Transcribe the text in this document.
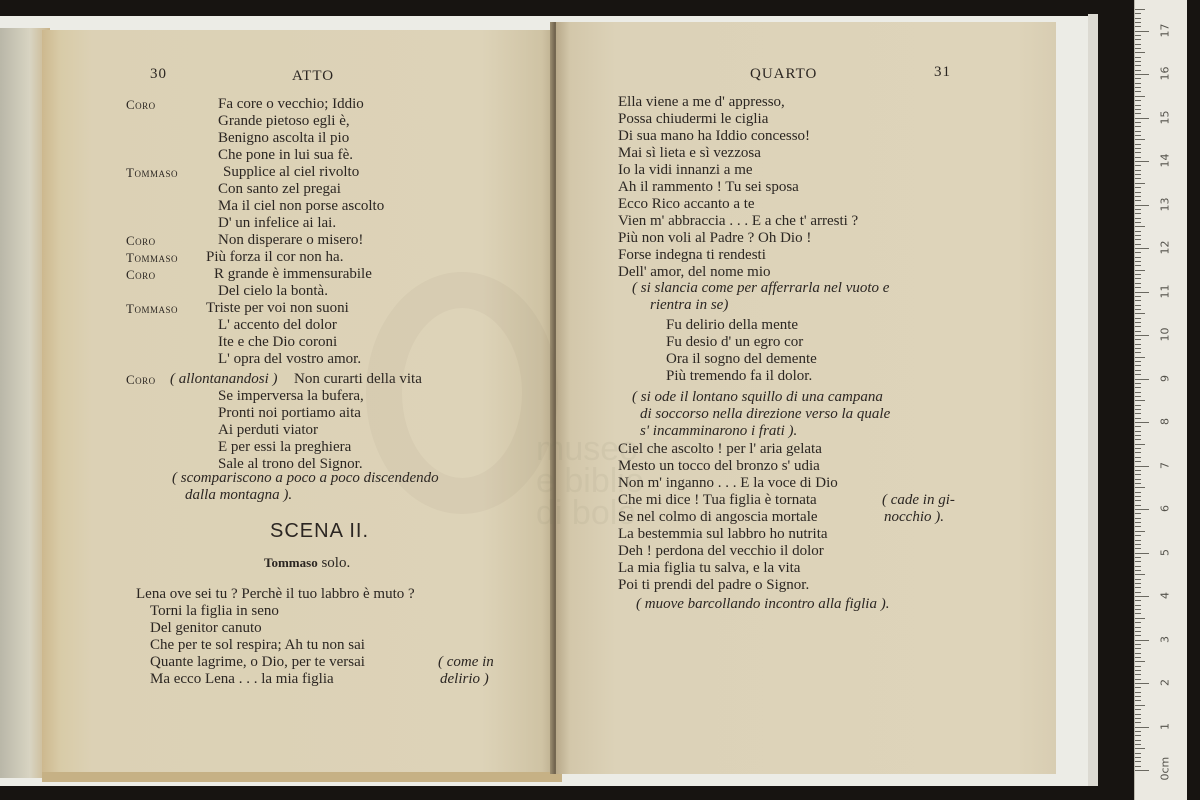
30	ATTO
Coro	Fa core o vecchio; Iddio
Grande pietoso egli è,
Benigno ascolta il pio
Che pone in lui sua fè.
Tommaso	Supplice al ciel rivolto
Con santo zel pregai
Ma il ciel non porse ascolto
D' un infelice ai lai.
Coro	Non disperare o misero!
Tommaso Più forza il cor non ha.
Coro	R grande è immensurabile
Del cielo la bontà.
Tommaso Triste per voi non suoni
L' accento del dolor
Ite e che Dio coroni
L' opra del vostro amor.
Coro ( allontanandosi ) Non curarti della vita
Se imperversa la bufera,
Pronti noi portiamo aita
Ai perduti viator
E per essi la preghiera
Sale al trono del Signor.
( scompariscono a poco a poco discendendo
dalla montagna ).
SCENA II.
Tommaso solo.
Lena ove sei tu ? Perchè il tuo labbro è muto ?
Torni la figlia in seno
Del genitor canuto
Che per te sol respira; Ah tu non sai
Quante lagrime, o Dio, per te versai
Ma ecco Lena . . . la mia figlia
( come in
delirio )
QUARTO	31
museo
e biblio
di bolo
Ella viene a me d' appresso,
Possa chiudermi le ciglia
Di sua mano ha Iddio concesso!
Mai sì lieta e sì vezzosa
Io la vidi innanzi a me
Ah il rammento ! Tu sei sposa
Ecco Rico accanto a te
Vien m' abbraccia . . . E a che t' arresti ?
Più non voli al Padre ? Oh Dio !
Forse indegna ti rendesti
Dell' amor, del nome mio
( si slancia come per afferrarla nel vuoto e
rientra in se)
Fu delirio della mente
Fu desio d' un egro cor
Ora il sogno del demente
Più tremendo fa il dolor.
( si ode il lontano squillo di una campana
di soccorso nella direzione verso la quale
s' incamminarono i frati ).
Ciel che ascolto ! per l' aria gelata
Mesto un tocco del bronzo s' udia
Non m' inganno . . . E la voce di Dio
Che mi dice ! Tua figlia è tornata
Se nel colmo di angoscia mortale
La bestemmia sul labbro ho nutrita
Deh ! perdona del vecchio il dolor
La mia figlia tu salva, e la vita
Poi ti prendi del padre o Signor.
( cade in gi-
nocchio ).
( muove barcollando incontro alla figlia ).
0cm
1
2
3
4
5
6
7
8
9
10
11
12
13
14
15
16
17
